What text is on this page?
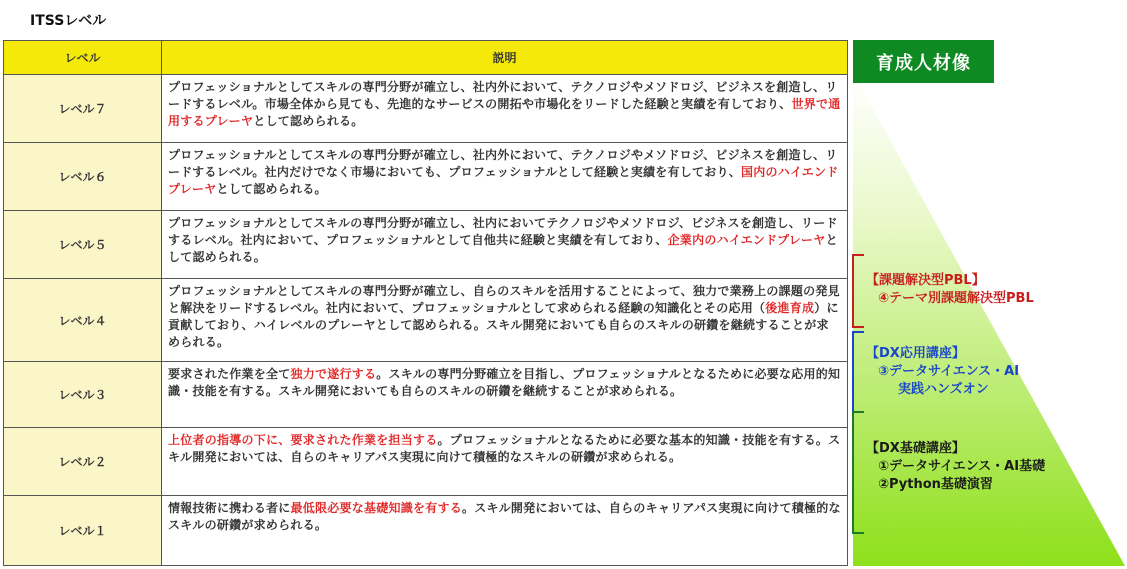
ITSSレベル
レベル	説明
レベル７	プロフェッショナルとしてスキルの専門分野が確立し、社内外において、テクノロジやメソドロジ、ビジネスを創造し、リードするレベル。市場全体から見ても、先進的なサービスの開拓や市場化をリードした経験と実績を有しており、世界で通用するプレーヤとして認められる。
レベル６	プロフェッショナルとしてスキルの専門分野が確立し、社内外において、テクノロジやメソドロジ、ビジネスを創造し、リードするレベル。社内だけでなく市場においても、プロフェッショナルとして経験と実績を有しており、国内のハイエンドプレーヤとして認められる。
レベル５	プロフェッショナルとしてスキルの専門分野が確立し、社内においてテクノロジやメソドロジ、ビジネスを創造し、リードするレベル。社内において、プロフェッショナルとして自他共に経験と実績を有しており、企業内のハイエンドプレーヤとして認められる。
レベル４	プロフェッショナルとしてスキルの専門分野が確立し、自らのスキルを活用することによって、独力で業務上の課題の発見と解決をリードするレベル。社内において、プロフェッショナルとして求められる経験の知識化とその応用（後進育成）に貢献しており、ハイレベルのプレーヤとして認められる。スキル開発においても自らのスキルの研鑽を継続することが求められる。
レベル３	要求された作業を全て独力で遂行する。スキルの専門分野確立を目指し、プロフェッショナルとなるために必要な応用的知識・技能を有する。スキル開発においても自らのスキルの研鑽を継続することが求められる。
レベル２	上位者の指導の下に、要求された作業を担当する。プロフェッショナルとなるために必要な基本的知識・技能を有する。スキル開発においては、自らのキャリアパス実現に向けて積極的なスキルの研鑽が求められる。
レベル１	情報技術に携わる者に最低限必要な基礎知識を有する。スキル開発においては、自らのキャリアパス実現に向けて積極的なスキルの研鑽が求められる。
育成人材像
【課題解決型PBL】
④テーマ別課題解決型PBL
【DX応用講座】
③データサイエンス・AI
実践ハンズオン
【DX基礎講座】
①データサイエンス・AI基礎
②Python基礎演習
